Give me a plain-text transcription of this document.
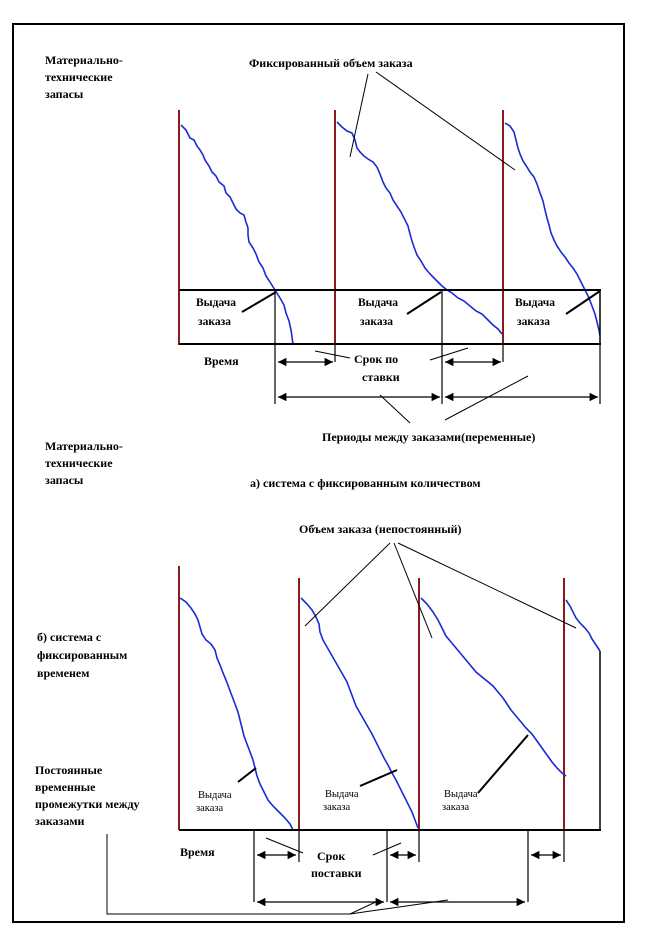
Материально- технические запасы
Фиксированный объем заказа
Выдача заказа
Выдача заказа
Выдача заказа
Время	Срок по ставки
Периоды между заказами(переменные)
Материально- технические запасы	а) система с фиксированным количеством
Объем заказа (непостоянный)
Выдача заказа
Выдача заказа
Выдача заказа
б) система с фиксированным временем
Постоянные временные промежутки между заказами
Время	Срок поставки
